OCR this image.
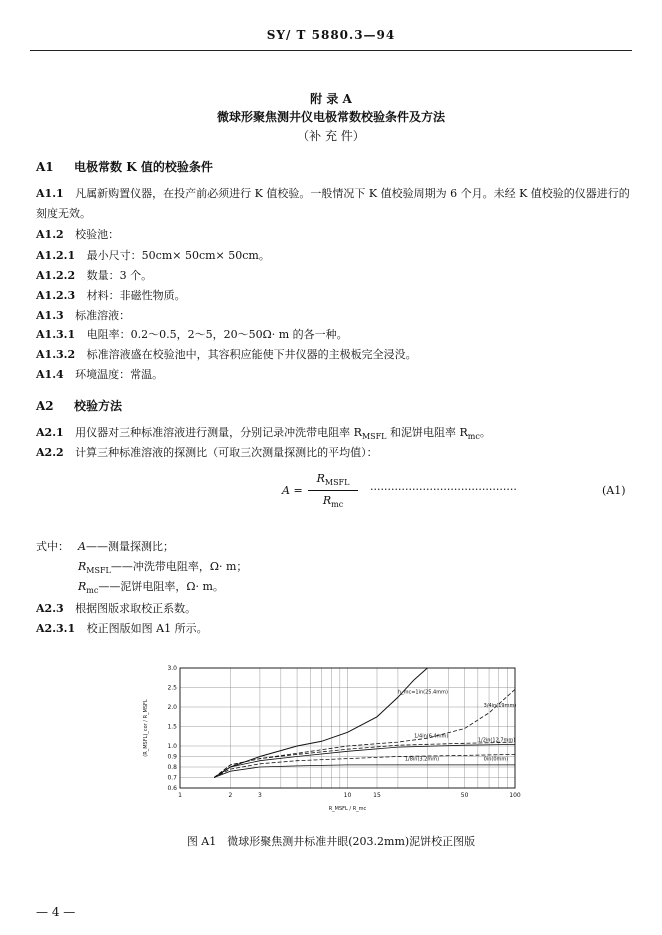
SY/ T 5880.3—94
附 录 A
微球形聚焦测井仪电极常数校验条件及方法
（补 充 件）
A1 电极常数 K 值的校验条件
A1.1 凡属新购置仪器，在投产前必须进行 K 值校验。一般情况下 K 值校验周期为 6 个月。未经 K 值校验的仪器进行的刻度无效。
A1.2 校验池：
A1.2.1 最小尺寸：50cm× 50cm× 50cm。
A1.2.2 数量：3 个。
A1.2.3 材料：非磁性物质。
A1.3 标准溶液：
A1.3.1 电阻率：0.2～0.5，2～5，20～50Ω· m 的各一种。
A1.3.2 标准溶液盛在校验池中，其容积应能使下井仪器的主极板完全浸没。
A1.4 环境温度：常温。
A2 校验方法
A2.1 用仪器对三种标准溶液进行测量，分别记录冲洗带电阻率 $R_{MSFL}$ 和泥饼电阻率 $R_{mc}$。
A2.2 计算三种标准溶液的探测比（可取三次测量探测比的平均值）：
A =
$R_{MSFL}$
$R_{mc}$
··········································	(A1)
式中： A——测量探测比；
$R_{MSFL}——$冲洗带电阻率，Ω· m；
$R_{mc}——$泥饼电阻率，Ω· m。
A2.3 根据图版求取校正系数。
A2.3.1 校正图版如图 A1 所示。
1	2	3	10	15	50	100
0.6
0.7
0.8
0.9
1.0
1.5
2.0
2.5
3.0
R_MSFL / R_mc
(R_MSFL)_cor / R_MSFL
h_mc=1in(25.4mm)
3/4in(19mm)
1/4in(6.4mm)
1/2in(12.7mm)
1/8in(3.2mm)	0in(0mm)
图 A1　微球形聚焦测井标准井眼(203.2mm)泥饼校正图版
— 4 —
